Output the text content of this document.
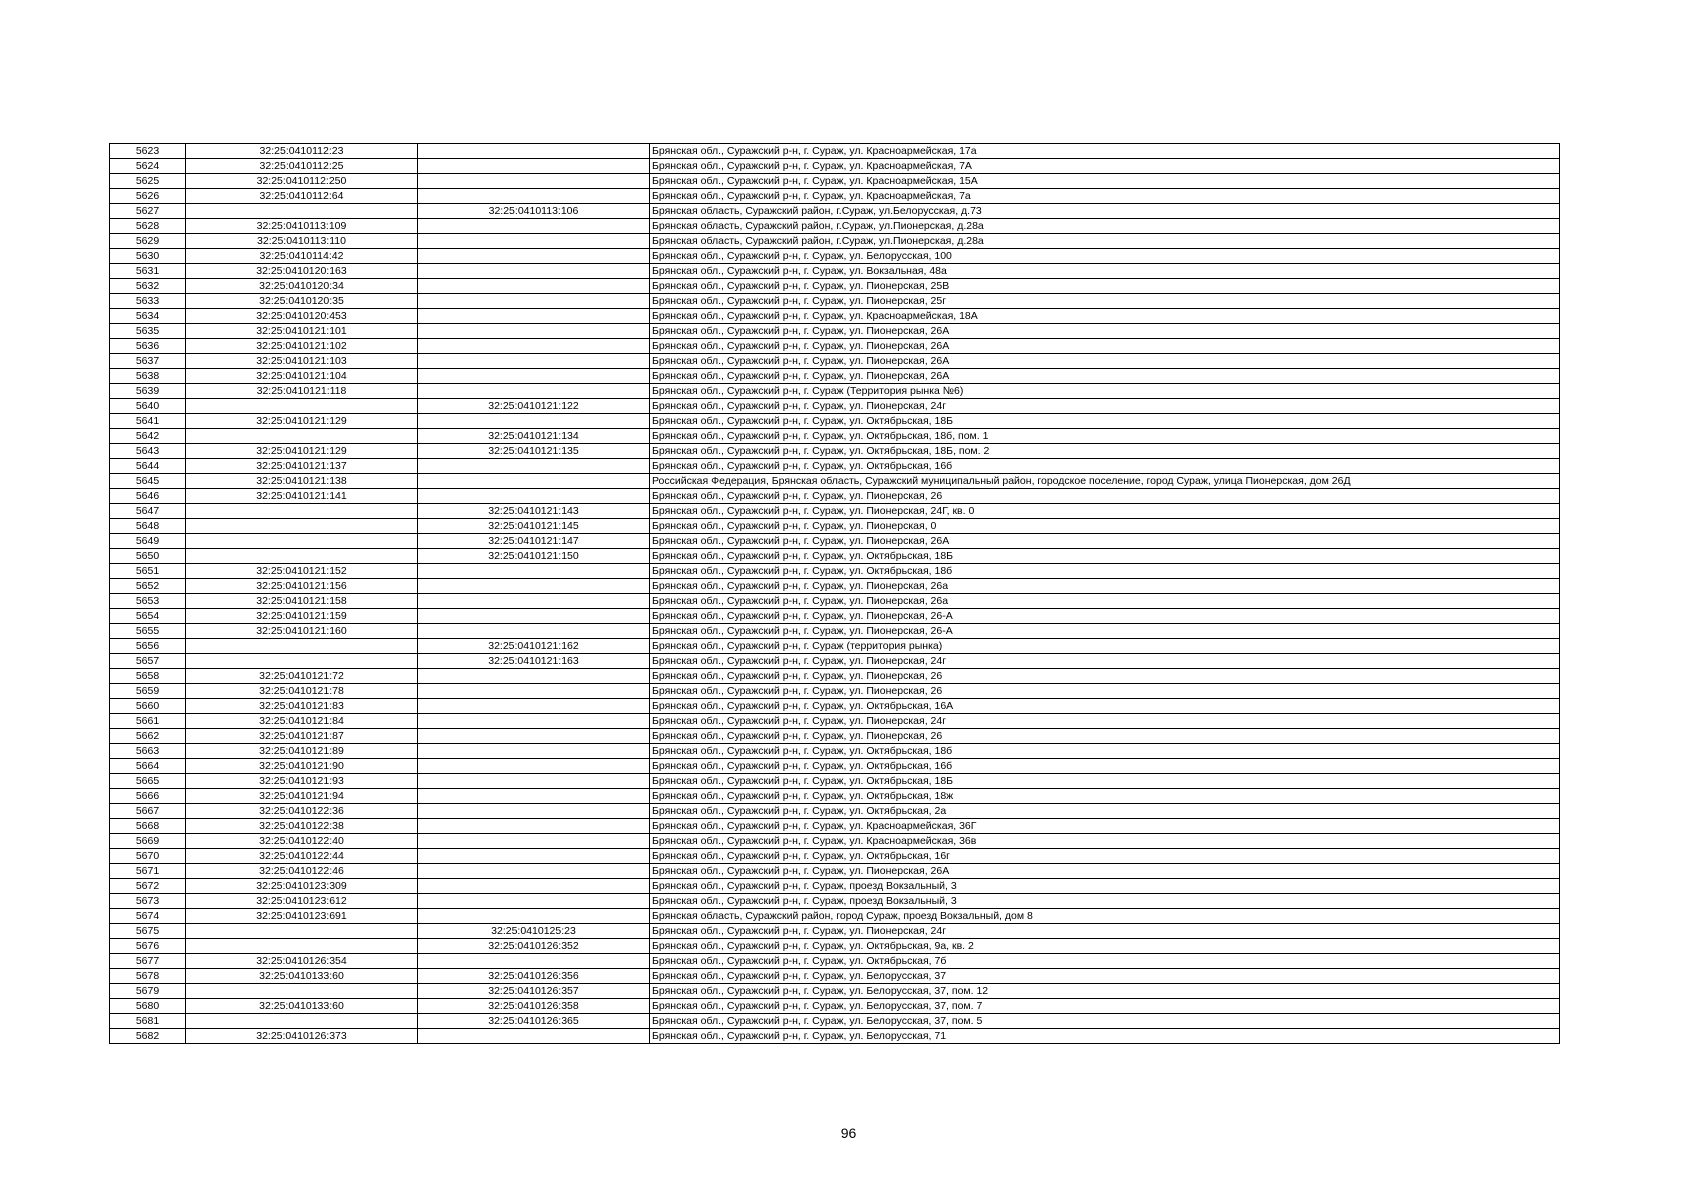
5623	32:25:0410112:23		Брянская обл., Суражский р-н, г. Сураж, ул. Красноармейская, 17а
5624	32:25:0410112:25		Брянская обл., Суражский р-н, г. Сураж, ул. Красноармейская, 7А
5625	32:25:0410112:250		Брянская обл., Суражский р-н, г. Сураж, ул. Красноармейская, 15А
5626	32:25:0410112:64		Брянская обл., Суражский р-н, г. Сураж, ул. Красноармейская, 7а
5627		32:25:0410113:106	Брянская область, Суражский район, г.Сураж, ул.Белорусская, д.73
5628	32:25:0410113:109		Брянская область, Суражский район, г.Сураж, ул.Пионерская, д.28а
5629	32:25:0410113:110		Брянская область, Суражский район, г.Сураж, ул.Пионерская, д.28а
5630	32:25:0410114:42		Брянская обл., Суражский р-н, г. Сураж, ул. Белорусская, 100
5631	32:25:0410120:163		Брянская обл., Суражский р-н, г. Сураж, ул. Вокзальная, 48а
5632	32:25:0410120:34		Брянская обл., Суражский р-н, г. Сураж, ул. Пионерская, 25В
5633	32:25:0410120:35		Брянская обл., Суражский р-н, г. Сураж, ул. Пионерская, 25г
5634	32:25:0410120:453		Брянская обл., Суражский р-н, г. Сураж, ул. Красноармейская, 18А
5635	32:25:0410121:101		Брянская обл., Суражский р-н, г. Сураж, ул. Пионерская, 26А
5636	32:25:0410121:102		Брянская обл., Суражский р-н, г. Сураж, ул. Пионерская, 26А
5637	32:25:0410121:103		Брянская обл., Суражский р-н, г. Сураж, ул. Пионерская, 26А
5638	32:25:0410121:104		Брянская обл., Суражский р-н, г. Сураж, ул. Пионерская, 26А
5639	32:25:0410121:118		Брянская обл., Суражский р-н, г. Сураж (Территория рынка №6)
5640		32:25:0410121:122	Брянская обл., Суражский р-н, г. Сураж, ул. Пионерская, 24г
5641	32:25:0410121:129		Брянская обл., Суражский р-н, г. Сураж, ул. Октябрьская, 18Б
5642		32:25:0410121:134	Брянская обл., Суражский р-н, г. Сураж, ул. Октябрьская, 18б, пом. 1
5643	32:25:0410121:129	32:25:0410121:135	Брянская обл., Суражский р-н, г. Сураж, ул. Октябрьская, 18Б, пом. 2
5644	32:25:0410121:137		Брянская обл., Суражский р-н, г. Сураж, ул. Октябрьская, 16б
5645	32:25:0410121:138		Российская Федерация, Брянская область, Суражский муниципальный район, городское поселение, город Сураж, улица Пионерская, дом 26Д
5646	32:25:0410121:141		Брянская обл., Суражский р-н, г. Сураж, ул. Пионерская, 26
5647		32:25:0410121:143	Брянская обл., Суражский р-н, г. Сураж, ул. Пионерская, 24Г, кв. 0
5648		32:25:0410121:145	Брянская обл., Суражский р-н, г. Сураж, ул. Пионерская, 0
5649		32:25:0410121:147	Брянская обл., Суражский р-н, г. Сураж, ул. Пионерская, 26А
5650		32:25:0410121:150	Брянская обл., Суражский р-н, г. Сураж, ул. Октябрьская, 18Б
5651	32:25:0410121:152		Брянская обл., Суражский р-н, г. Сураж, ул. Октябрьская, 18б
5652	32:25:0410121:156		Брянская обл., Суражский р-н, г. Сураж, ул. Пионерская, 26а
5653	32:25:0410121:158		Брянская обл., Суражский р-н, г. Сураж, ул. Пионерская, 26а
5654	32:25:0410121:159		Брянская обл., Суражский р-н, г. Сураж, ул. Пионерская, 26-А
5655	32:25:0410121:160		Брянская обл., Суражский р-н, г. Сураж, ул. Пионерская, 26-А
5656		32:25:0410121:162	Брянская обл., Суражский р-н, г. Сураж (территория рынка)
5657		32:25:0410121:163	Брянская обл., Суражский р-н, г. Сураж, ул. Пионерская, 24г
5658	32:25:0410121:72		Брянская обл., Суражский р-н, г. Сураж, ул. Пионерская, 26
5659	32:25:0410121:78		Брянская обл., Суражский р-н, г. Сураж, ул. Пионерская, 26
5660	32:25:0410121:83		Брянская обл., Суражский р-н, г. Сураж, ул. Октябрьская, 16А
5661	32:25:0410121:84		Брянская обл., Суражский р-н, г. Сураж, ул. Пионерская, 24г
5662	32:25:0410121:87		Брянская обл., Суражский р-н, г. Сураж, ул. Пионерская, 26
5663	32:25:0410121:89		Брянская обл., Суражский р-н, г. Сураж, ул. Октябрьская, 18б
5664	32:25:0410121:90		Брянская обл., Суражский р-н, г. Сураж, ул. Октябрьская, 16б
5665	32:25:0410121:93		Брянская обл., Суражский р-н, г. Сураж, ул. Октябрьская, 18Б
5666	32:25:0410121:94		Брянская обл., Суражский р-н, г. Сураж, ул. Октябрьская, 18ж
5667	32:25:0410122:36		Брянская обл., Суражский р-н, г. Сураж, ул. Октябрьская, 2а
5668	32:25:0410122:38		Брянская обл., Суражский р-н, г. Сураж, ул. Красноармейская, 36Г
5669	32:25:0410122:40		Брянская обл., Суражский р-н, г. Сураж, ул. Красноармейская, 36в
5670	32:25:0410122:44		Брянская обл., Суражский р-н, г. Сураж, ул. Октябрьская, 16г
5671	32:25:0410122:46		Брянская обл., Суражский р-н, г. Сураж, ул. Пионерская, 26А
5672	32:25:0410123:309		Брянская обл., Суражский р-н, г. Сураж, проезд Вокзальный, 3
5673	32:25:0410123:612		Брянская обл., Суражский р-н, г. Сураж, проезд Вокзальный, 3
5674	32:25:0410123:691		Брянская область, Суражский район, город Сураж, проезд Вокзальный, дом 8
5675		32:25:0410125:23	Брянская обл., Суражский р-н, г. Сураж, ул. Пионерская, 24г
5676		32:25:0410126:352	Брянская обл., Суражский р-н, г. Сураж, ул. Октябрьская, 9а, кв. 2
5677	32:25:0410126:354		Брянская обл., Суражский р-н, г. Сураж, ул. Октябрьская, 7б
5678	32:25:0410133:60	32:25:0410126:356	Брянская обл., Суражский р-н, г. Сураж, ул. Белорусская, 37
5679		32:25:0410126:357	Брянская обл., Суражский р-н, г. Сураж, ул. Белорусская, 37, пом. 12
5680	32:25:0410133:60	32:25:0410126:358	Брянская обл., Суражский р-н, г. Сураж, ул. Белорусская, 37, пом. 7
5681		32:25:0410126:365	Брянская обл., Суражский р-н, г. Сураж, ул. Белорусская, 37, пом. 5
5682	32:25:0410126:373		Брянская обл., Суражский р-н, г. Сураж, ул. Белорусская, 71
96
